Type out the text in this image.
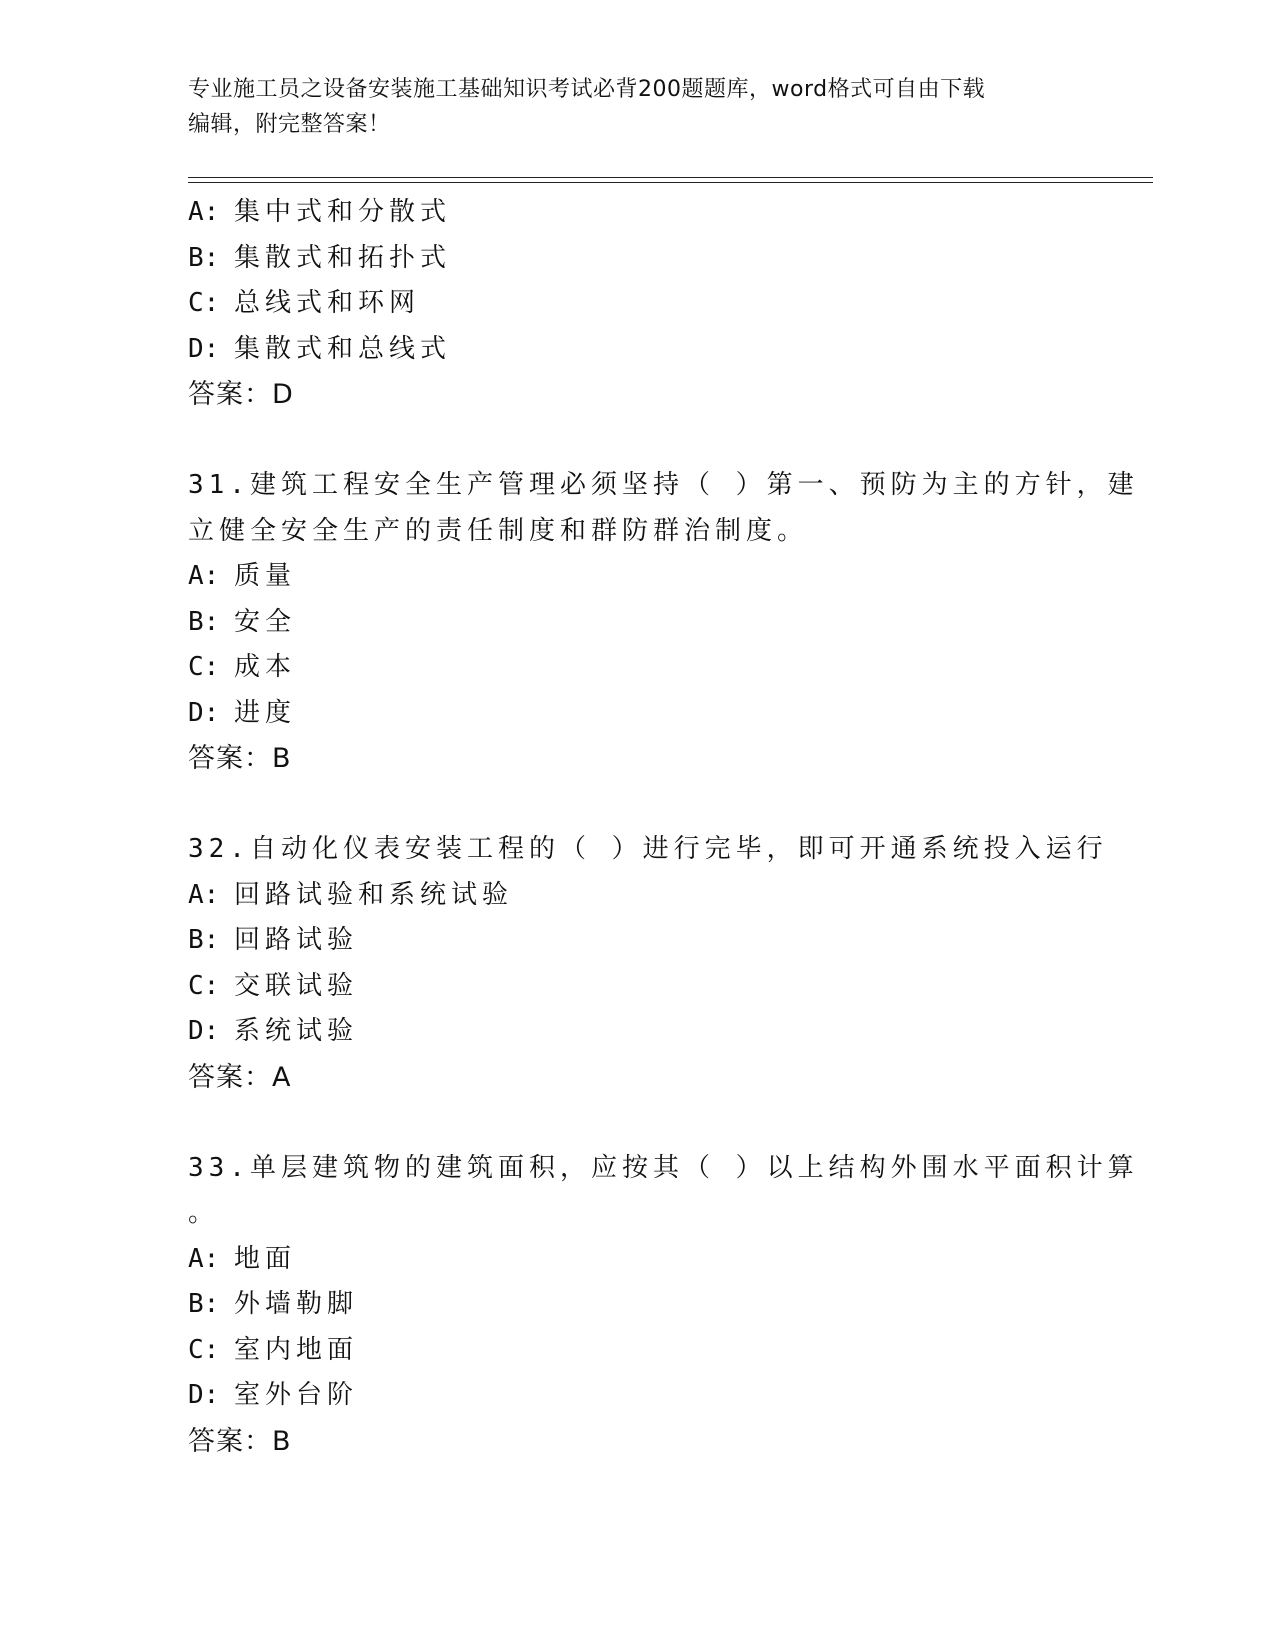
专业施工员之设备安装施工基础知识考试必背200题题库，word格式可自由下载
编辑，附完整答案！
A: 集中式和分散式
B: 集散式和拓扑式
C: 总线式和环网
D: 集散式和总线式
答案：D
31.建筑工程安全生产管理必须坚持（ ）第一、预防为主的方针，建
立健全安全生产的责任制度和群防群治制度。
A: 质量
B: 安全
C: 成本
D: 进度
答案：B
32.自动化仪表安装工程的（ ）进行完毕，即可开通系统投入运行
A: 回路试验和系统试验
B: 回路试验
C: 交联试验
D: 系统试验
答案：A
33.单层建筑物的建筑面积，应按其（ ）以上结构外围水平面积计算
。
A: 地面
B: 外墙勒脚
C: 室内地面
D: 室外台阶
答案：B
